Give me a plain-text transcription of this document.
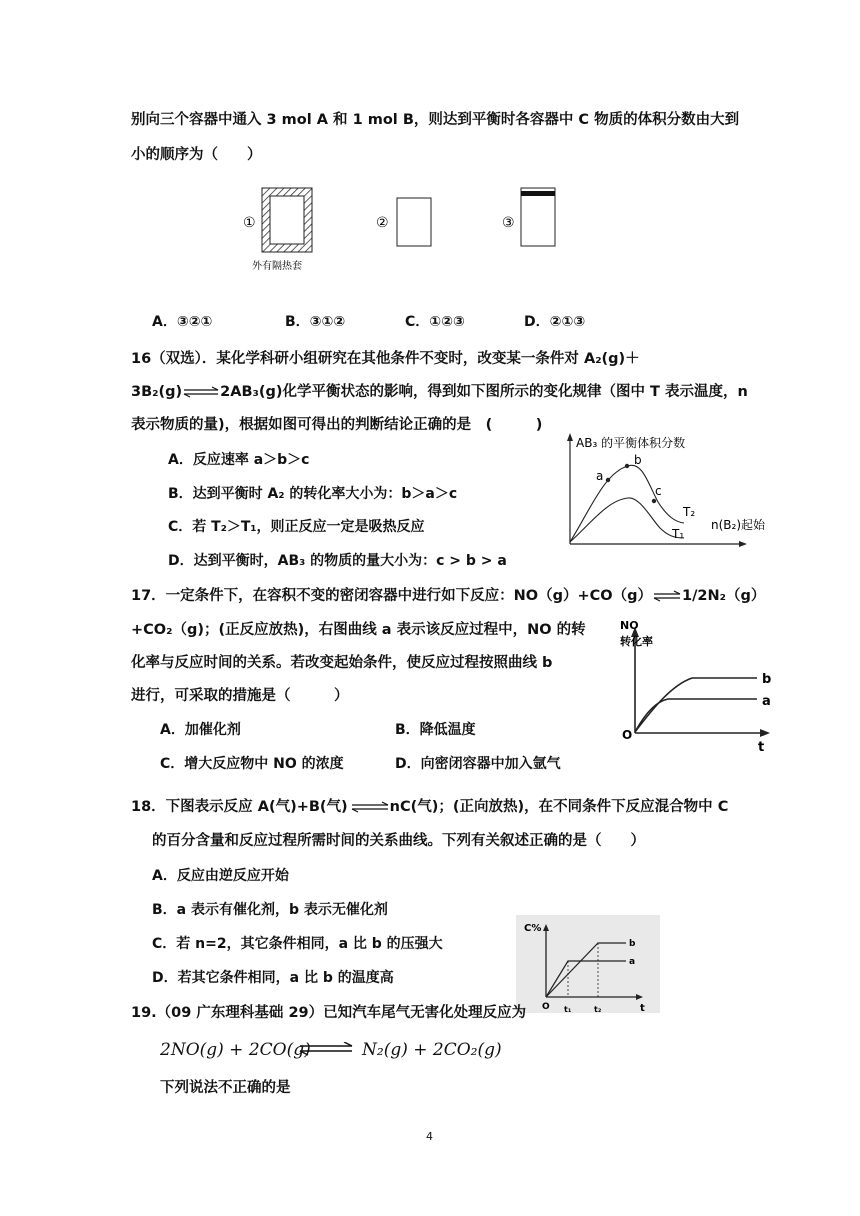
别向三个容器中通入 3 mol A 和 1 mol B，则达到平衡时各容器中 C 物质的体积分数由大到
小的顺序为（　　）
①
外有隔热套
②	③
A．③②①	B．③①②	C．①②③	D．②①③
16（双选）．某化学科研小组研究在其他条件不变时，改变某一条件对 A₂(g)＋
3B₂(g)⇌2AB₃(g)化学平衡状态的影响，得到如下图所示的变化规律（图中 T 表示温度，n
表示物质的量)，根据如图可得出的判断结论正确的是　(　　　)
A．反应速率 a＞b＞c
B．达到平衡时 A₂ 的转化率大小为：b＞a＞c
C．若 T₂＞T₁，则正反应一定是吸热反应
D．达到平衡时，AB₃ 的物质的量大小为：c > b > a
AB₃ 的平衡体积分数
n(B₂)起始
a
b
c
T₂
T₁
17．一定条件下，在容积不变的密闭容器中进行如下反应：NO（g）+CO（g）⇌1/2N₂（g）
+CO₂（g)；(正反应放热)，右图曲线 a 表示该反应过程中，NO 的转
化率与反应时间的关系。若改变起始条件，使反应过程按照曲线 b
进行，可采取的措施是（　　　）
A．加催化剂	B．降低温度
C．增大反应物中 NO 的浓度	D．向密闭容器中加入氩气
NO
转化率
O
t
b
a
18．下图表示反应 A(气)+B(气)⇌nC(气)；(正向放热)，在不同条件下反应混合物中 C
的百分含量和反应过程所需时间的关系曲线。下列有关叙述正确的是（　　）
A．反应由逆反应开始
B．a 表示有催化剂，b 表示无催化剂
C．若 n=2，其它条件相同，a 比 b 的压强大
D．若其它条件相同，a 比 b 的温度高
C%
O t₁	t₂	t
b
a
19.（09 广东理科基础 29）已知汽车尾气无害化处理反应为
2NO(g) + 2CO(g) ⇌ N₂(g) + 2CO₂(g)
下列说法不正确的是
4
